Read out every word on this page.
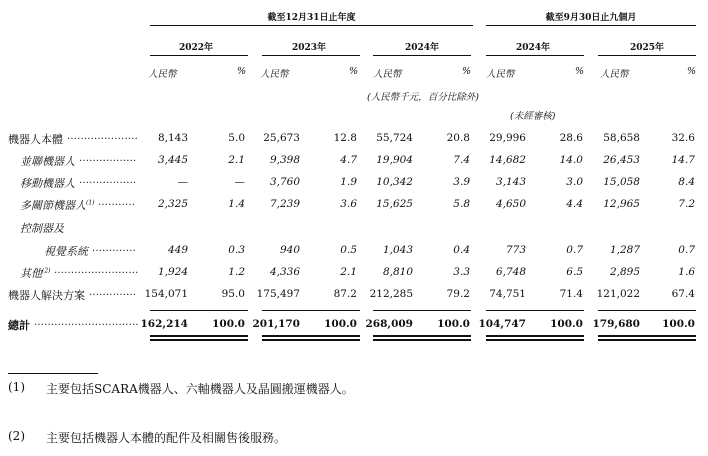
截至12月31日止年度	截至9月30日止九個月
2022年	2023年	2024年	2024年	2025年
人民幣	% 人民幣	% 人民幣	% 人民幣	% 人民幣	%
(人民幣千元，百分比除外)
(未經審核)
機器人本體 .....................	8,143	5.0	25,673	12.8	55,724	20.8	29,996	28.6	58,658	32.6
並聯機器人 .................	3,445	2.1	9,398	4.7	19,904	7.4	14,682	14.0	26,453	14.7
移動機器人 .................	—	—	3,760	1.9	10,342	3.9	3,143	3.0	15,058	8.4
多關節機器人$^{(1)}$ ...........	2,325	1.4	7,239	3.6	15,625	5.8	4,650	4.4	12,965	7.2
控制器及
視覺系統 .............	449	0.3	940	0.5	1,043	0.4	773	0.7	1,287	0.7
其他$^{(2)}$ .........................	1,924	1.2	4,336	2.1	8,810	3.3	6,748	6.5	2,895	1.6
機器人解決方案 .............. 154,071	95.0	175,497	87.2	212,285	79.2	74,751	71.4	121,022	67.4
總計 ............................... 162,214	100.0 201,170	100.0 268,009	100.0 104,747	100.0 179,680	100.0
(1) 主要包括SCARA機器人、六軸機器人及晶圓搬運機器人。
(2) 主要包括機器人本體的配件及相關售後服務。
